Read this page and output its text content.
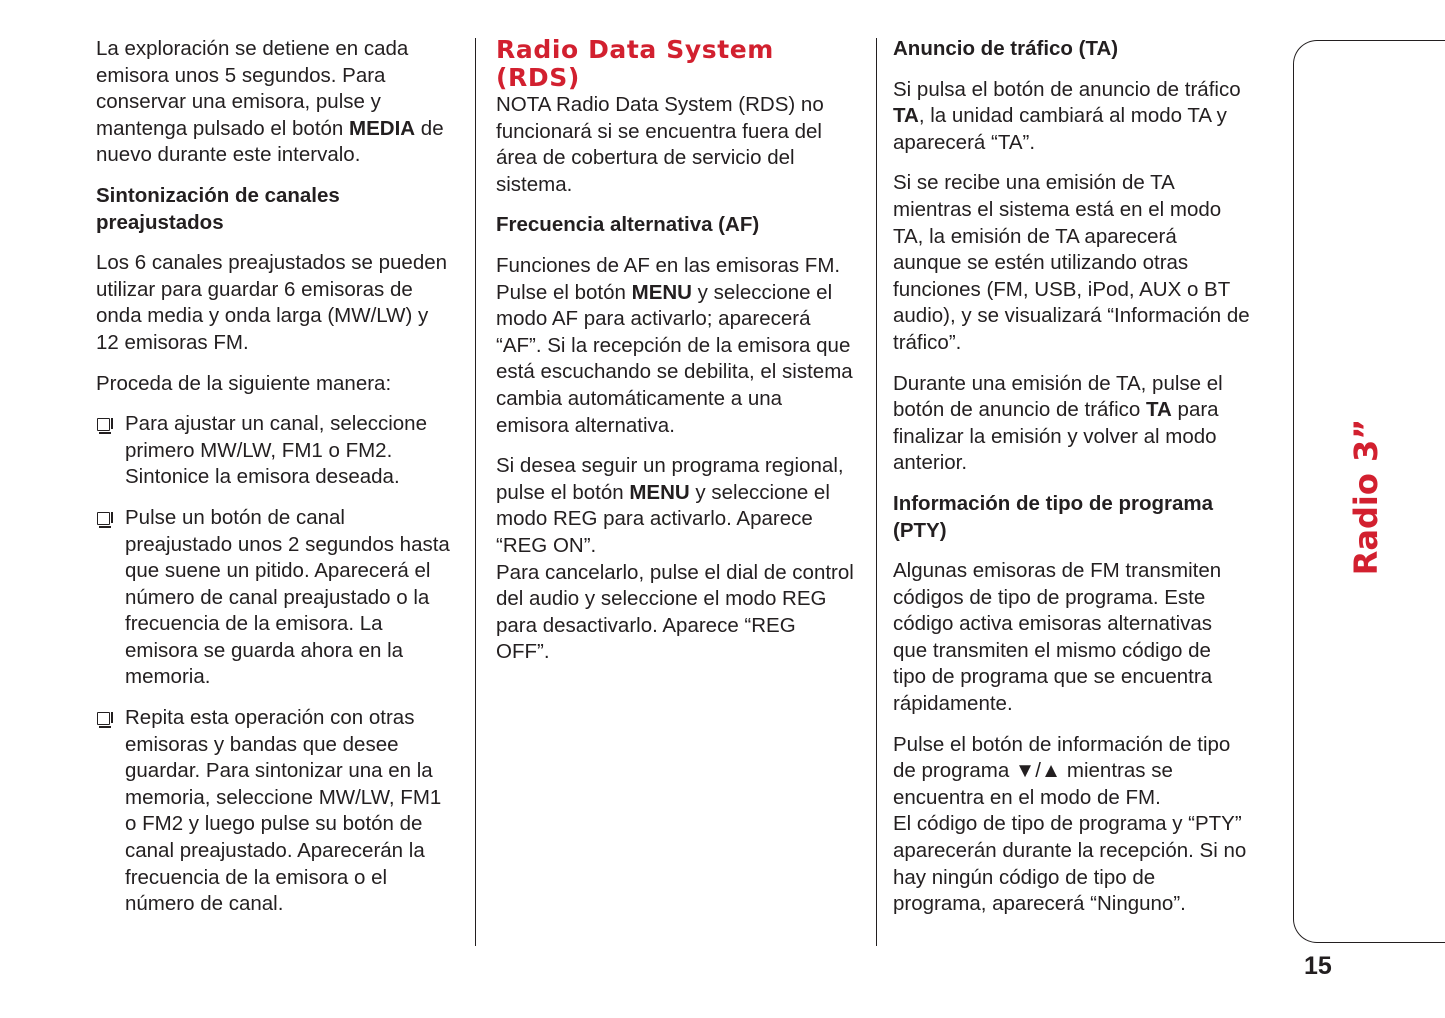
La exploración se detiene en cada
emisora unos 5 segundos. Para
conservar una emisora, pulse y
mantenga pulsado el botón MEDIA de
nuevo durante este intervalo.

Sintonización de canales
preajustados

Los 6 canales preajustados se pueden
utilizar para guardar 6 emisoras de
onda media y onda larga (MW/LW) y
12 emisoras FM.

Proceda de la siguiente manera:

Para ajustar un canal, seleccione
primero MW/LW, FM1 o FM2.
Sintonice la emisora deseada.
Pulse un botón de canal
preajustado unos 2 segundos hasta
que suene un pitido. Aparecerá el
número de canal preajustado o la
frecuencia de la emisora. La
emisora se guarda ahora en la
memoria.
Repita esta operación con otras
emisoras y bandas que desee
guardar. Para sintonizar una en la
memoria, seleccione MW/LW, FM1
o FM2 y luego pulse su botón de
canal preajustado. Aparecerán la
frecuencia de la emisora o el
número de canal.
Radio Data System
(RDS)

NOTA Radio Data System (RDS) no
funcionará si se encuentra fuera del
área de cobertura de servicio del
sistema.

Frecuencia alternativa (AF)

Funciones de AF en las emisoras FM.
Pulse el botón MENU y seleccione el
modo AF para activarlo; aparecerá
“AF”. Si la recepción de la emisora que
está escuchando se debilita, el sistema
cambia automáticamente a una
emisora alternativa.

Si desea seguir un programa regional,
pulse el botón MENU y seleccione el
modo REG para activarlo. Aparece
“REG ON”.
Para cancelarlo, pulse el dial de control
del audio y seleccione el modo REG
para desactivarlo. Aparece “REG
OFF”.

Anuncio de tráfico (TA)

Si pulsa el botón de anuncio de tráfico
TA, la unidad cambiará al modo TA y
aparecerá “TA”.

Si se recibe una emisión de TA
mientras el sistema está en el modo
TA, la emisión de TA aparecerá
aunque se estén utilizando otras
funciones (FM, USB, iPod, AUX o BT
audio), y se visualizará “Información de
tráfico”.

Durante una emisión de TA, pulse el
botón de anuncio de tráfico TA para
finalizar la emisión y volver al modo
anterior.

Información de tipo de programa
(PTY)

Algunas emisoras de FM transmiten
códigos de tipo de programa. Este
código activa emisoras alternativas
que transmiten el mismo código de
tipo de programa que se encuentra
rápidamente.

Pulse el botón de información de tipo
de programa ▼/▲ mientras se
encuentra en el modo de FM.
El código de tipo de programa y “PTY”
aparecerán durante la recepción. Si no
hay ningún código de tipo de
programa, aparecerá “Ninguno”.

Radio 3”
15
